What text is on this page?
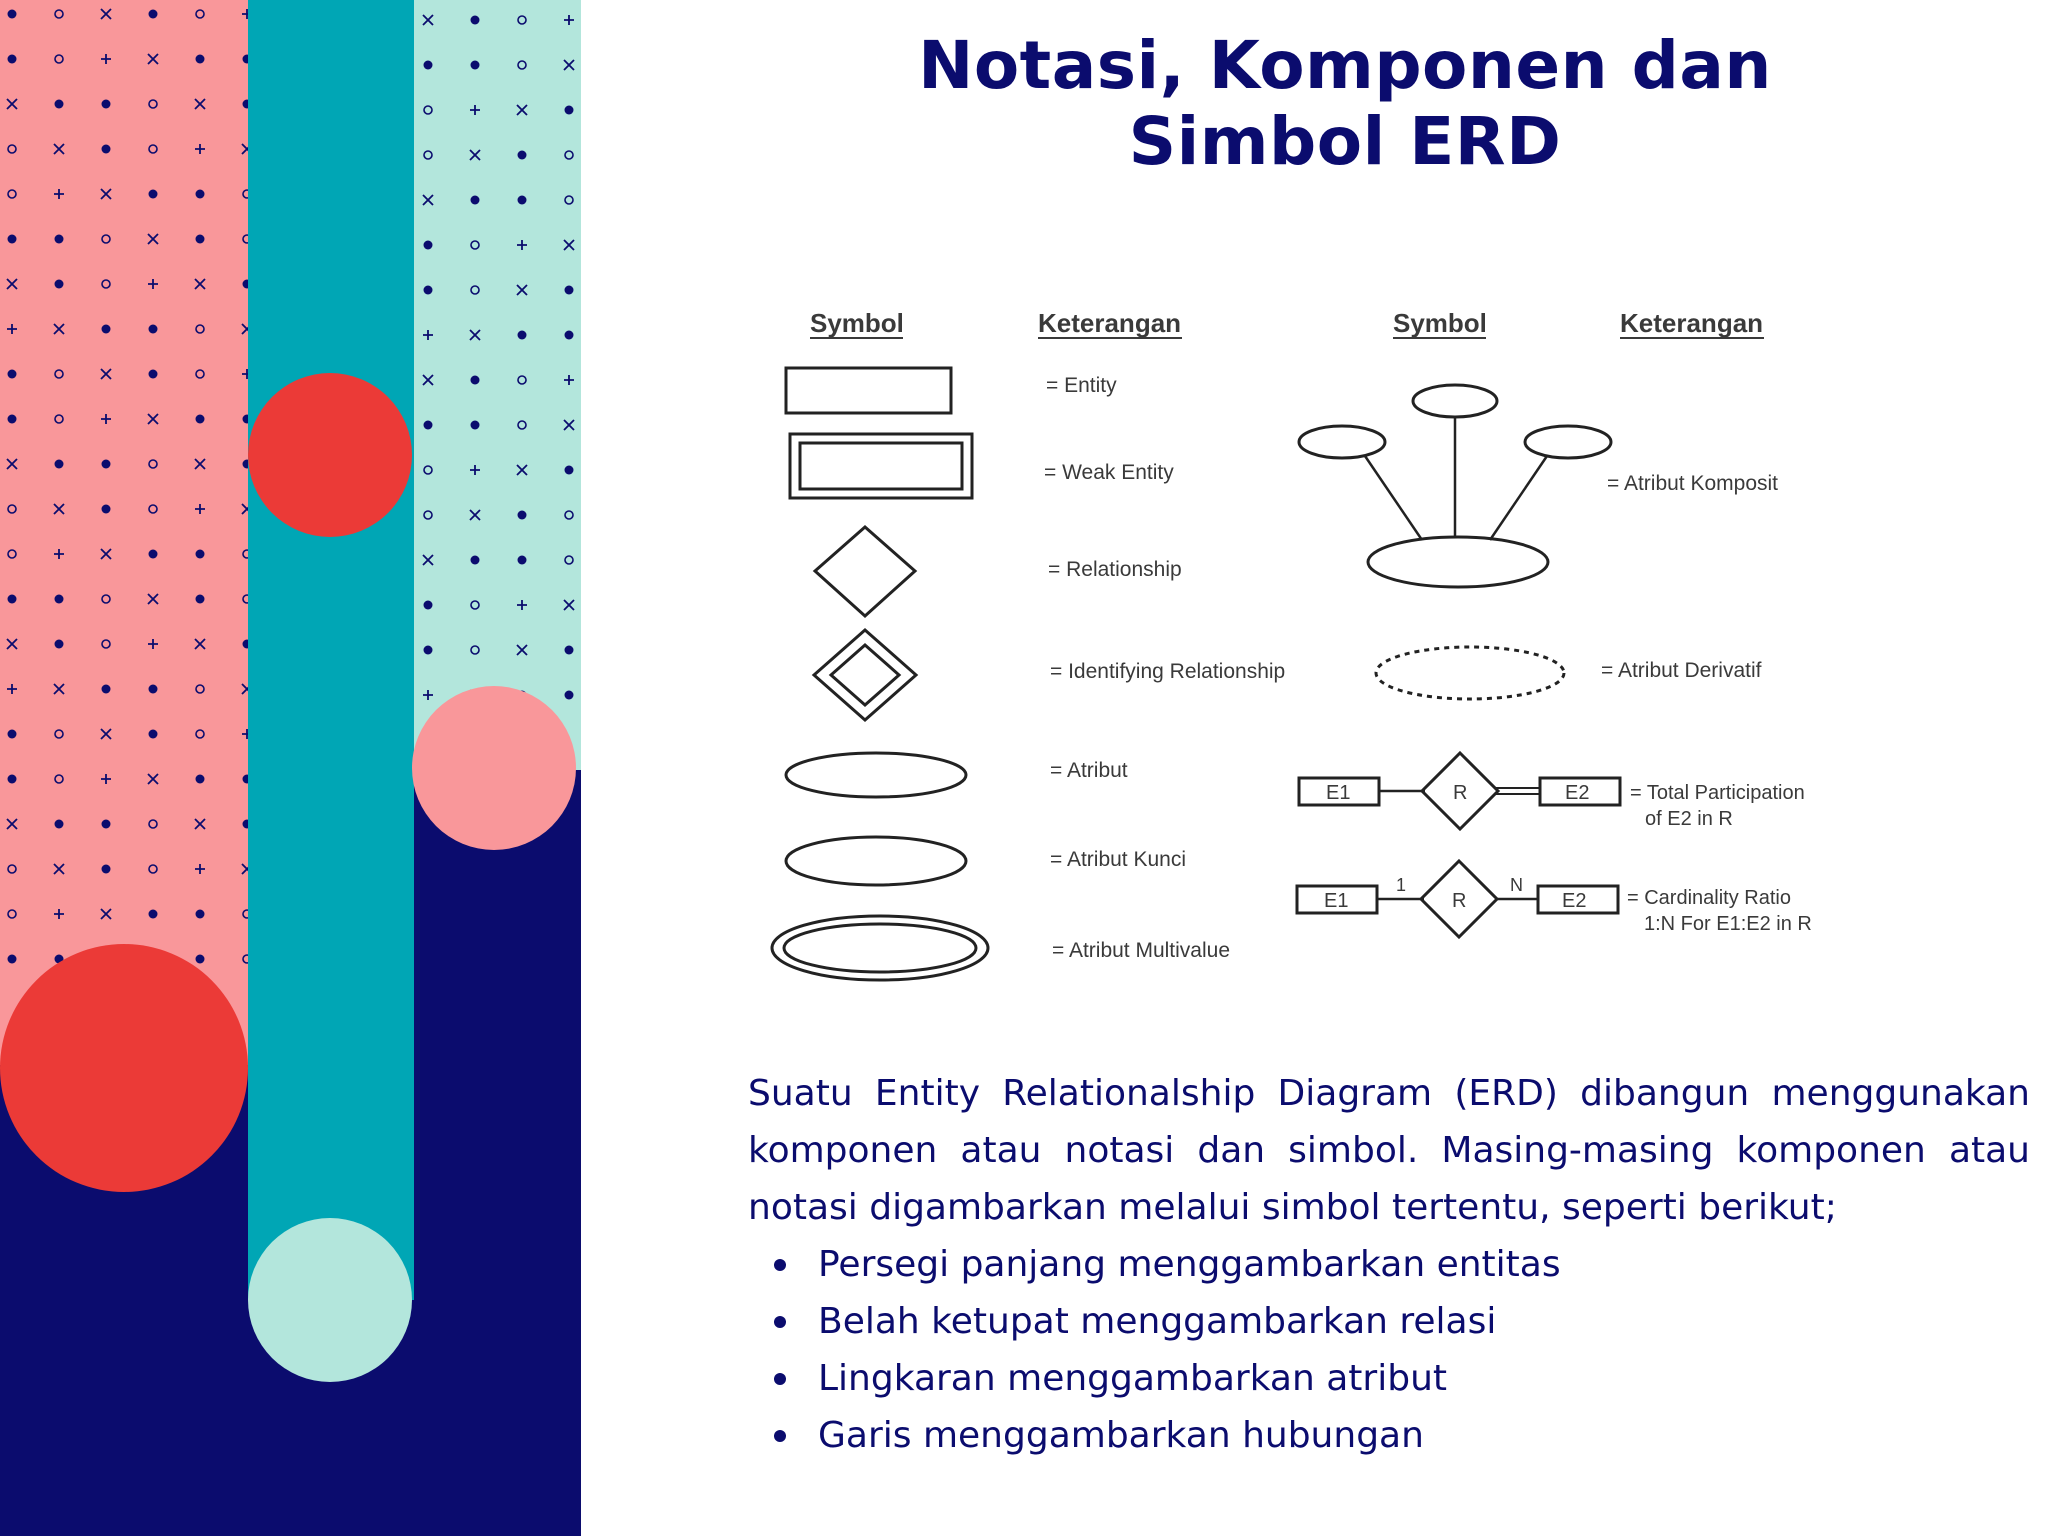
Notasi, Komponen dan
Simbol ERD
Symbol	Keterangan	Symbol	Keterangan
= Entity
= Weak Entity
= Relationship
= Identifying Relationship
= Atribut
= Atribut Kunci
= Atribut Multivalue
= Atribut Komposit
= Atribut Derivatif
E1	R	E2 = Total Participation
of E2 in R
E1
1
R
N
E2 = Cardinality Ratio
1:N For E1:E2 in R

Suatu Entity Relationalship Diagram (ERD) dibangun menggunakan komponen atau notasi dan simbol. Masing-masing komponen atau notasi digambarkan melalui simbol tertentu, seperti berikut;

Persegi panjang menggambarkan entitas
Belah ketupat menggambarkan relasi
Lingkaran menggambarkan atribut
Garis menggambarkan hubungan
